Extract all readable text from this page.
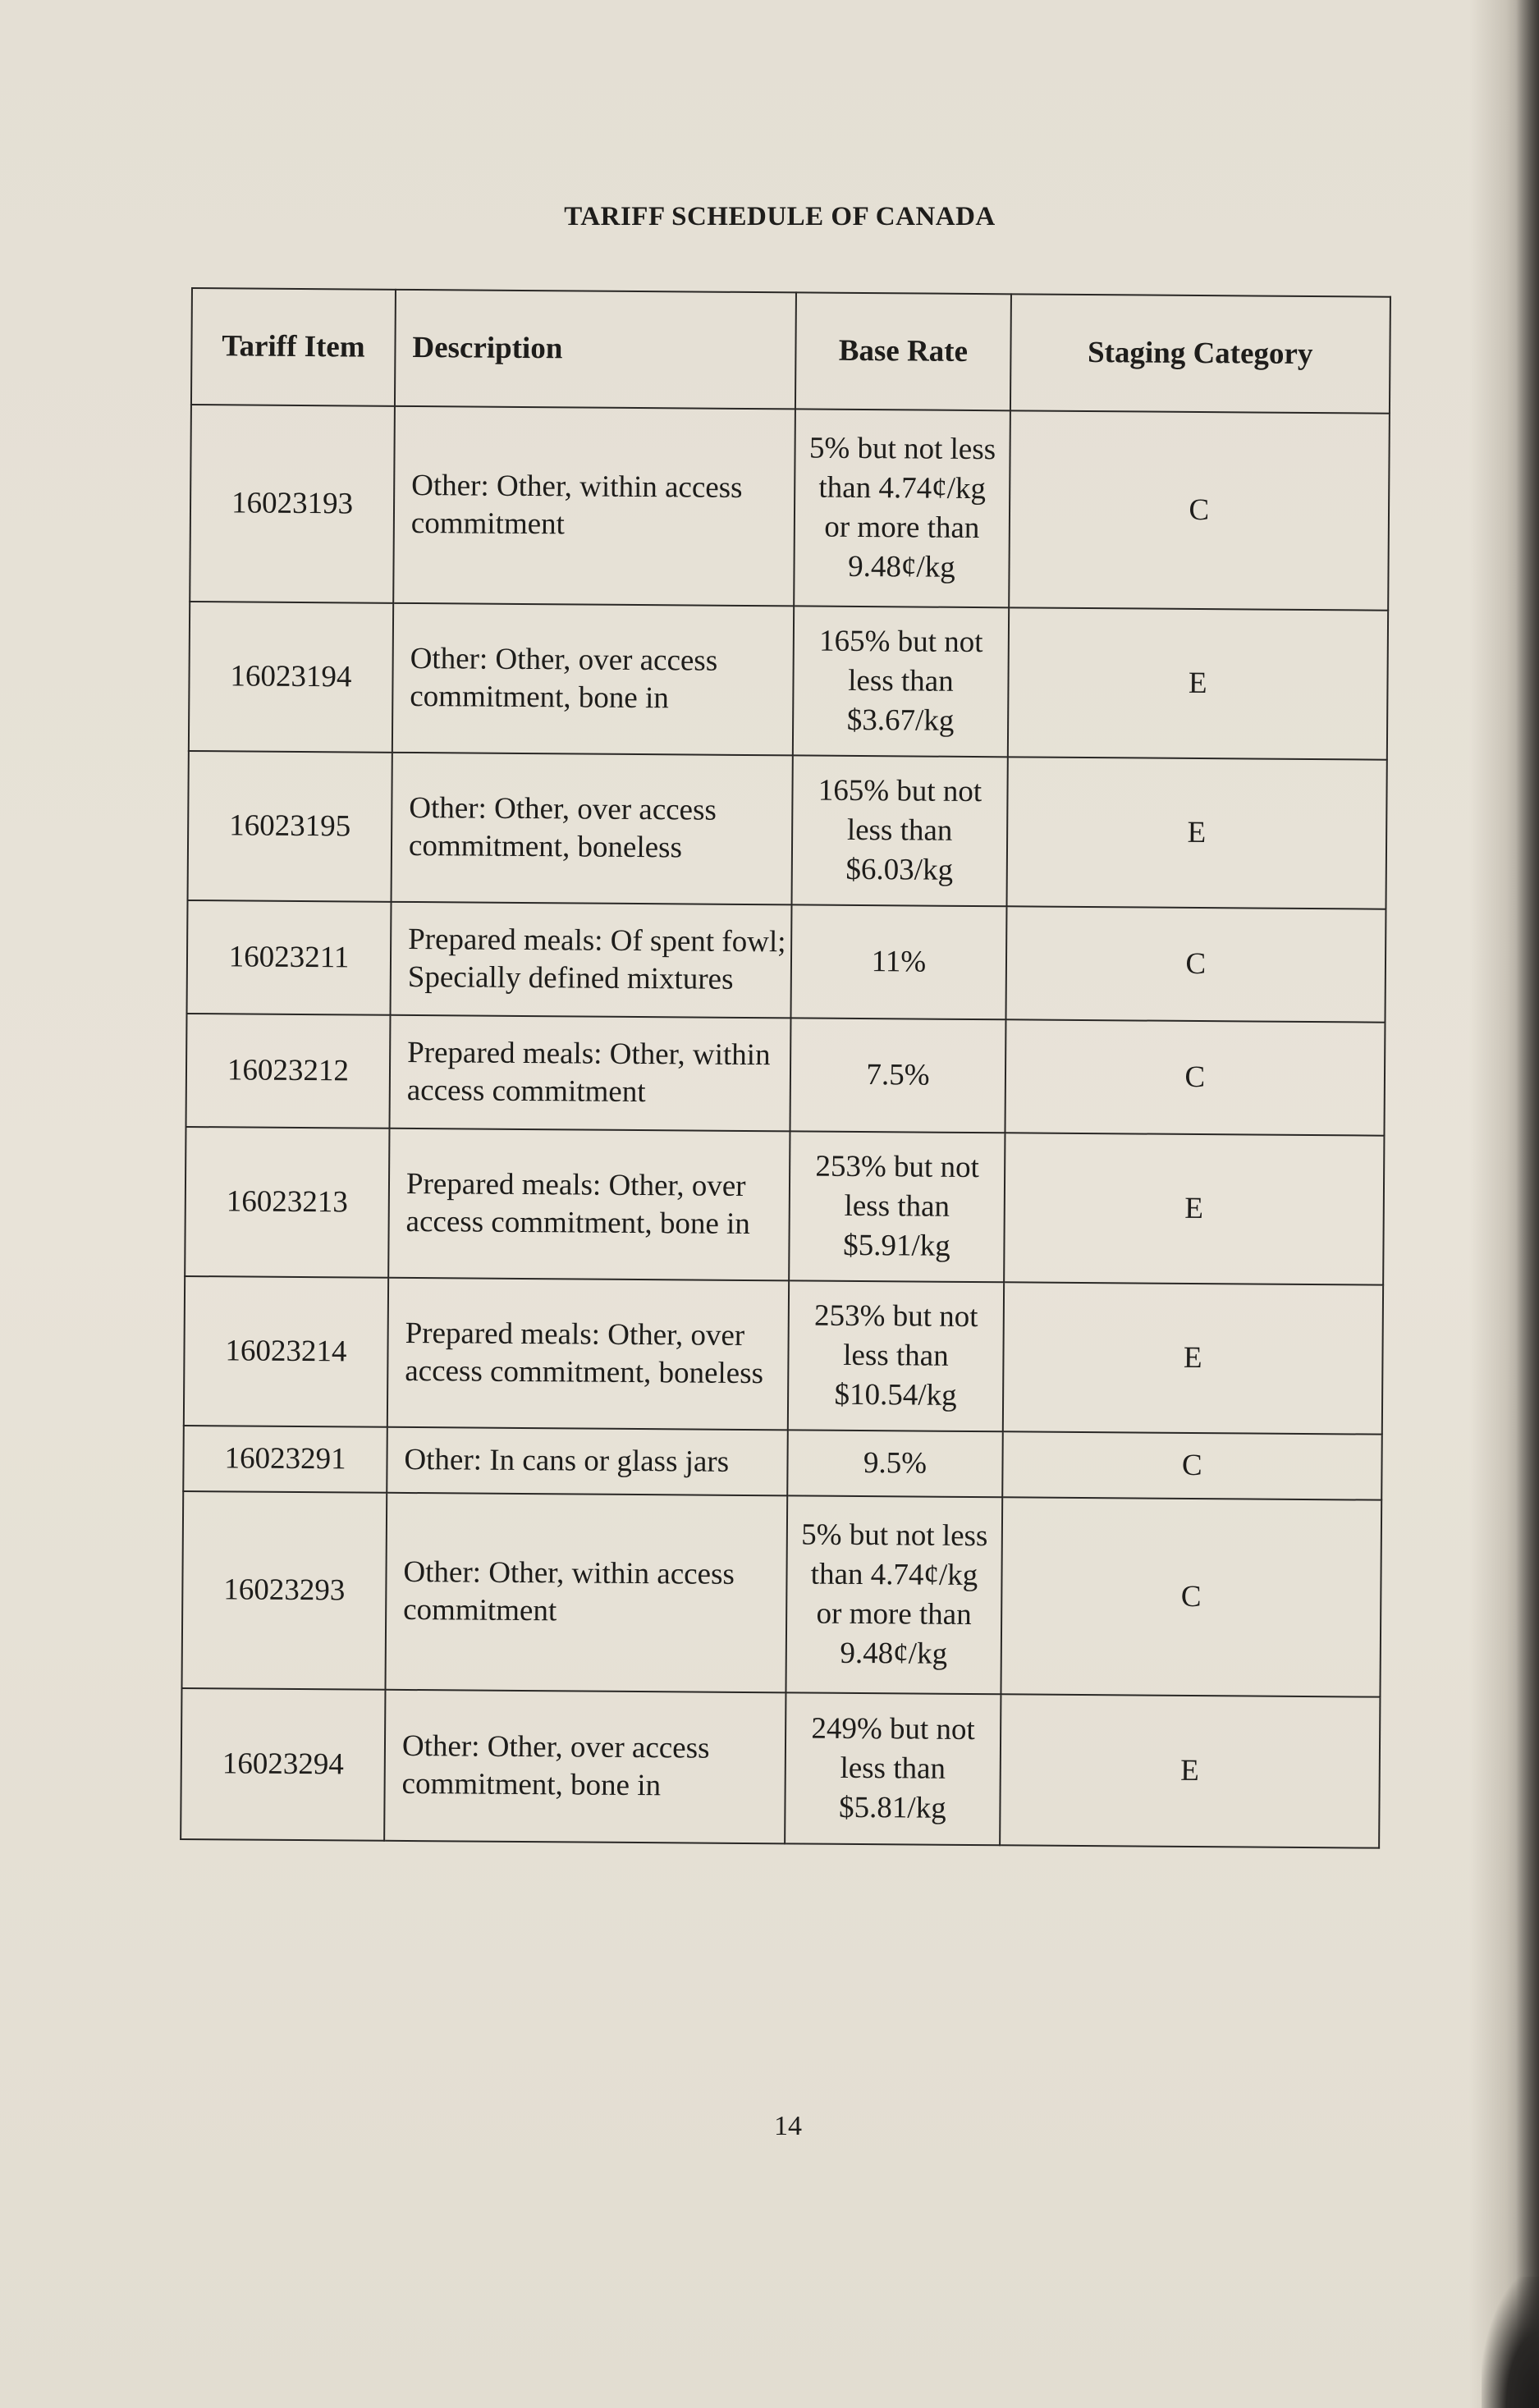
TARIFF SCHEDULE OF CANADA
Tariff Item	Description	Base Rate	Staging Category
16023193	Other: Other, within access commitment	5% but not less
than 4.74¢/kg
or more than
9.48¢/kg	C
16023194	Other: Other, over access commitment, bone in	165% but not
less than
$3.67/kg	E
16023195	Other: Other, over access commitment, boneless	165% but not
less than
$6.03/kg	E
16023211	Prepared meals: Of spent fowl; Specially defined mixtures	11%	C
16023212	Prepared meals: Other, within access commitment	7.5%	C
16023213	Prepared meals: Other, over access commitment, bone in	253% but not
less than
$5.91/kg	E
16023214	Prepared meals: Other, over access commitment, boneless	253% but not
less than
$10.54/kg	E
16023291	Other: In cans or glass jars	9.5%	C
16023293	Other: Other, within access commitment	5% but not less
than 4.74¢/kg
or more than
9.48¢/kg	C
16023294	Other: Other, over access commitment, bone in	249% but not
less than
$5.81/kg	E
14
